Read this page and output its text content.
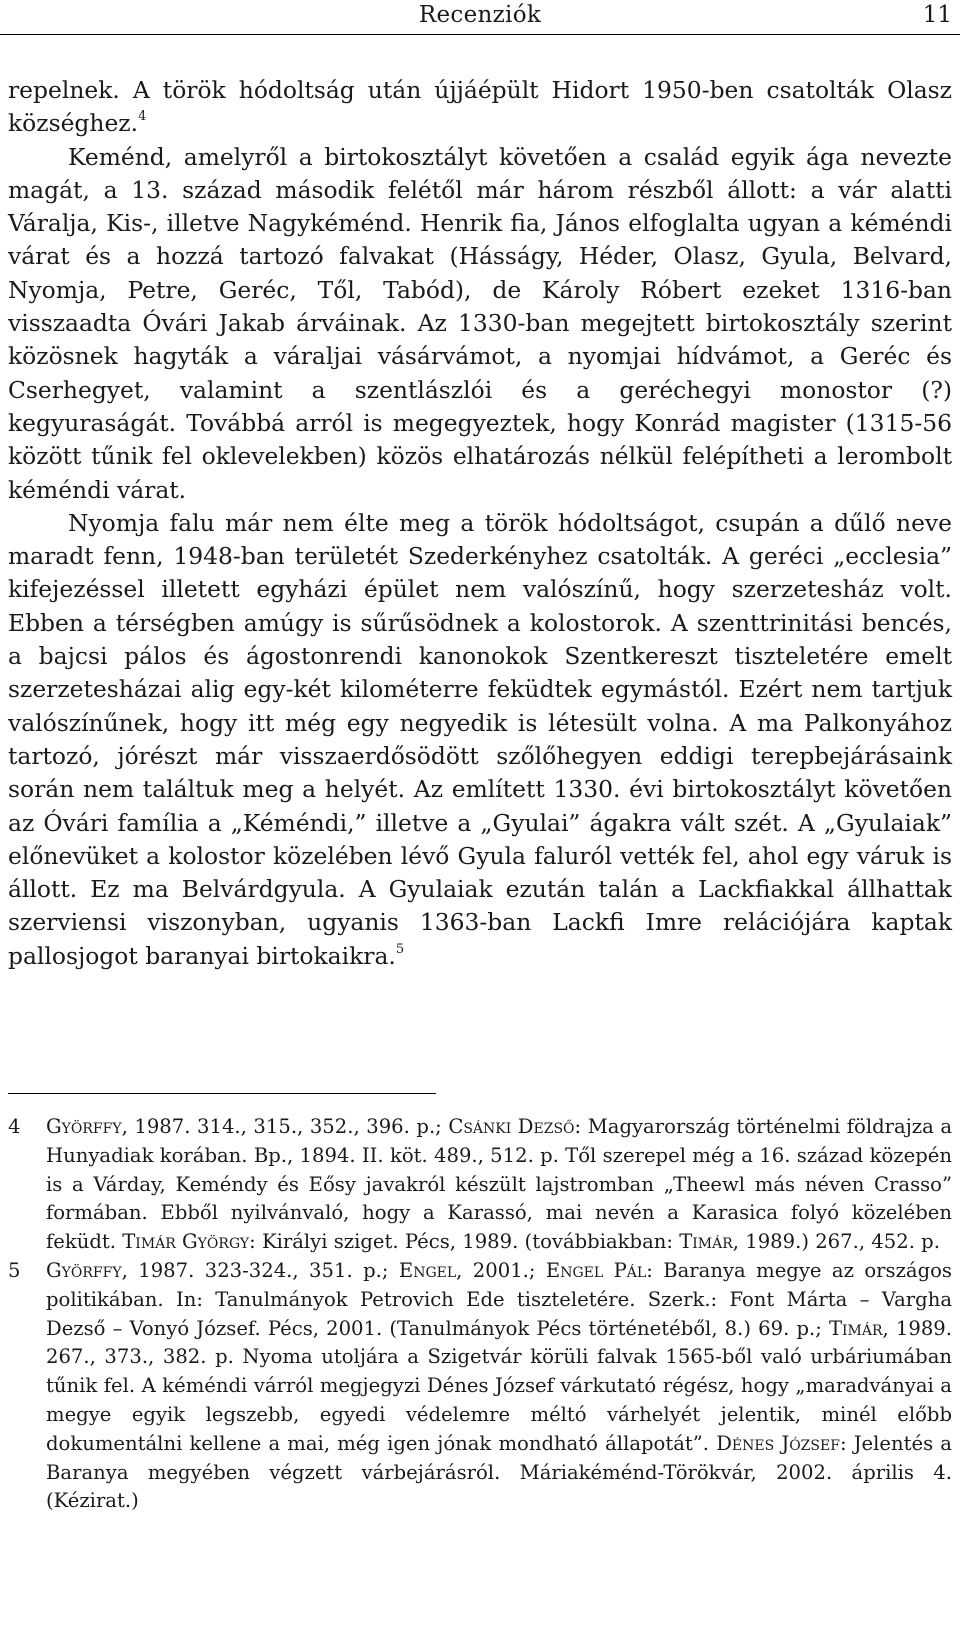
Recenziók	11

repelnek. A török hódoltság után újjáépült Hidort 1950-ben csatolták Olasz községhez.$^4$

Keménd, amelyről a birtokosztályt követően a család egyik ága nevezte magát, a 13. század második felétől már három részből állott: a vár alatti Váralja, Kis-, illetve Nagykéménd. Henrik fia, János elfoglalta ugyan a kéméndi várat és a hozzá tartozó falvakat (Hásságy, Héder, Olasz, Gyula, Belvard, Nyomja, Petre, Geréc, Től, Tabód), de Károly Róbert ezeket 1316-ban visszaadta Óvári Jakab árváinak. Az 1330-ban megejtett birtokosztály szerint közösnek hagyták a váraljai vásárvámot, a nyomjai hídvámot, a Geréc és Cserhegyet, valamint a szentlászlói és a geréchegyi monostor (?) kegyuraságát. Továbbá arról is megegyeztek, hogy Konrád magister (1315-56 között tűnik fel oklevelekben) közös elhatározás nélkül felépítheti a lerombolt kéméndi várat.

Nyomja falu már nem élte meg a török hódoltságot, csupán a dűlő neve maradt fenn, 1948-ban területét Szederkényhez csatolták. A geréci „ecclesia” kifejezéssel illetett egyházi épület nem valószínű, hogy szerzetesház volt. Ebben a térségben amúgy is sűrűsödnek a kolostorok. A szenttrinitási bencés, a bajcsi pálos és ágostonrendi kanonokok Szentkereszt tiszteletére emelt szerzetesházai alig egy-két kilométerre feküdtek egymástól. Ezért nem tartjuk valószínűnek, hogy itt még egy negyedik is létesült volna. A ma Palkonyához tartozó, jórészt már visszaerdősödött szőlőhegyen eddigi terepbejárásaink során nem találtuk meg a helyét. Az említett 1330. évi birtokosztályt követően az Óvári família a „Kéméndi,” illetve a „Gyulai” ágakra vált szét. A „Gyulaiak” előnevüket a kolostor közelében lévő Gyula faluról vették fel, ahol egy váruk is állott. Ez ma Belvárdgyula. A Gyulaiak ezután talán a Lackfiakkal állhattak szerviensi viszonyban, ugyanis 1363-ban Lackfi Imre relációjára kaptak pallosjogot baranyai birtokaikra.$^5$

4 Györffy, 1987. 314., 315., 352., 396. p.; Csánki Dezső: Magyarország történelmi földrajza a Hunyadiak korában. Bp., 1894. II. köt. 489., 512. p. Től szerepel még a 16. század közepén is a Várday, Keméndy és Eősy javakról készült lajstromban „Theewl más néven Crasso” formában. Ebből nyilvánvaló, hogy a Karassó, mai nevén a Karasica folyó közelében feküdt. Timár György: Királyi sziget. Pécs, 1989. (továbbiakban: Timár, 1989.) 267., 452. p.
5 Györffy, 1987. 323-324., 351. p.; Engel, 2001.; Engel Pál: Baranya megye az országos politikában. In: Tanulmányok Petrovich Ede tiszteletére. Szerk.: Font Márta – Vargha Dezső – Vonyó József. Pécs, 2001. (Tanulmányok Pécs történetéből, 8.) 69. p.; Timár, 1989. 267., 373., 382. p. Nyoma utoljára a Szigetvár körüli falvak 1565-ből való urbáriumában tűnik fel. A kéméndi várról megjegyzi Dénes József várkutató régész, hogy „maradványai a megye egyik legszebb, egyedi védelemre méltó várhelyét jelentik, minél előbb dokumentálni kellene a mai, még igen jónak mondható állapotát”. Dénes József: Jelentés a Baranya megyében végzett várbejárásról. Máriakéménd-Törökvár, 2002. április 4. (Kézirat.)
